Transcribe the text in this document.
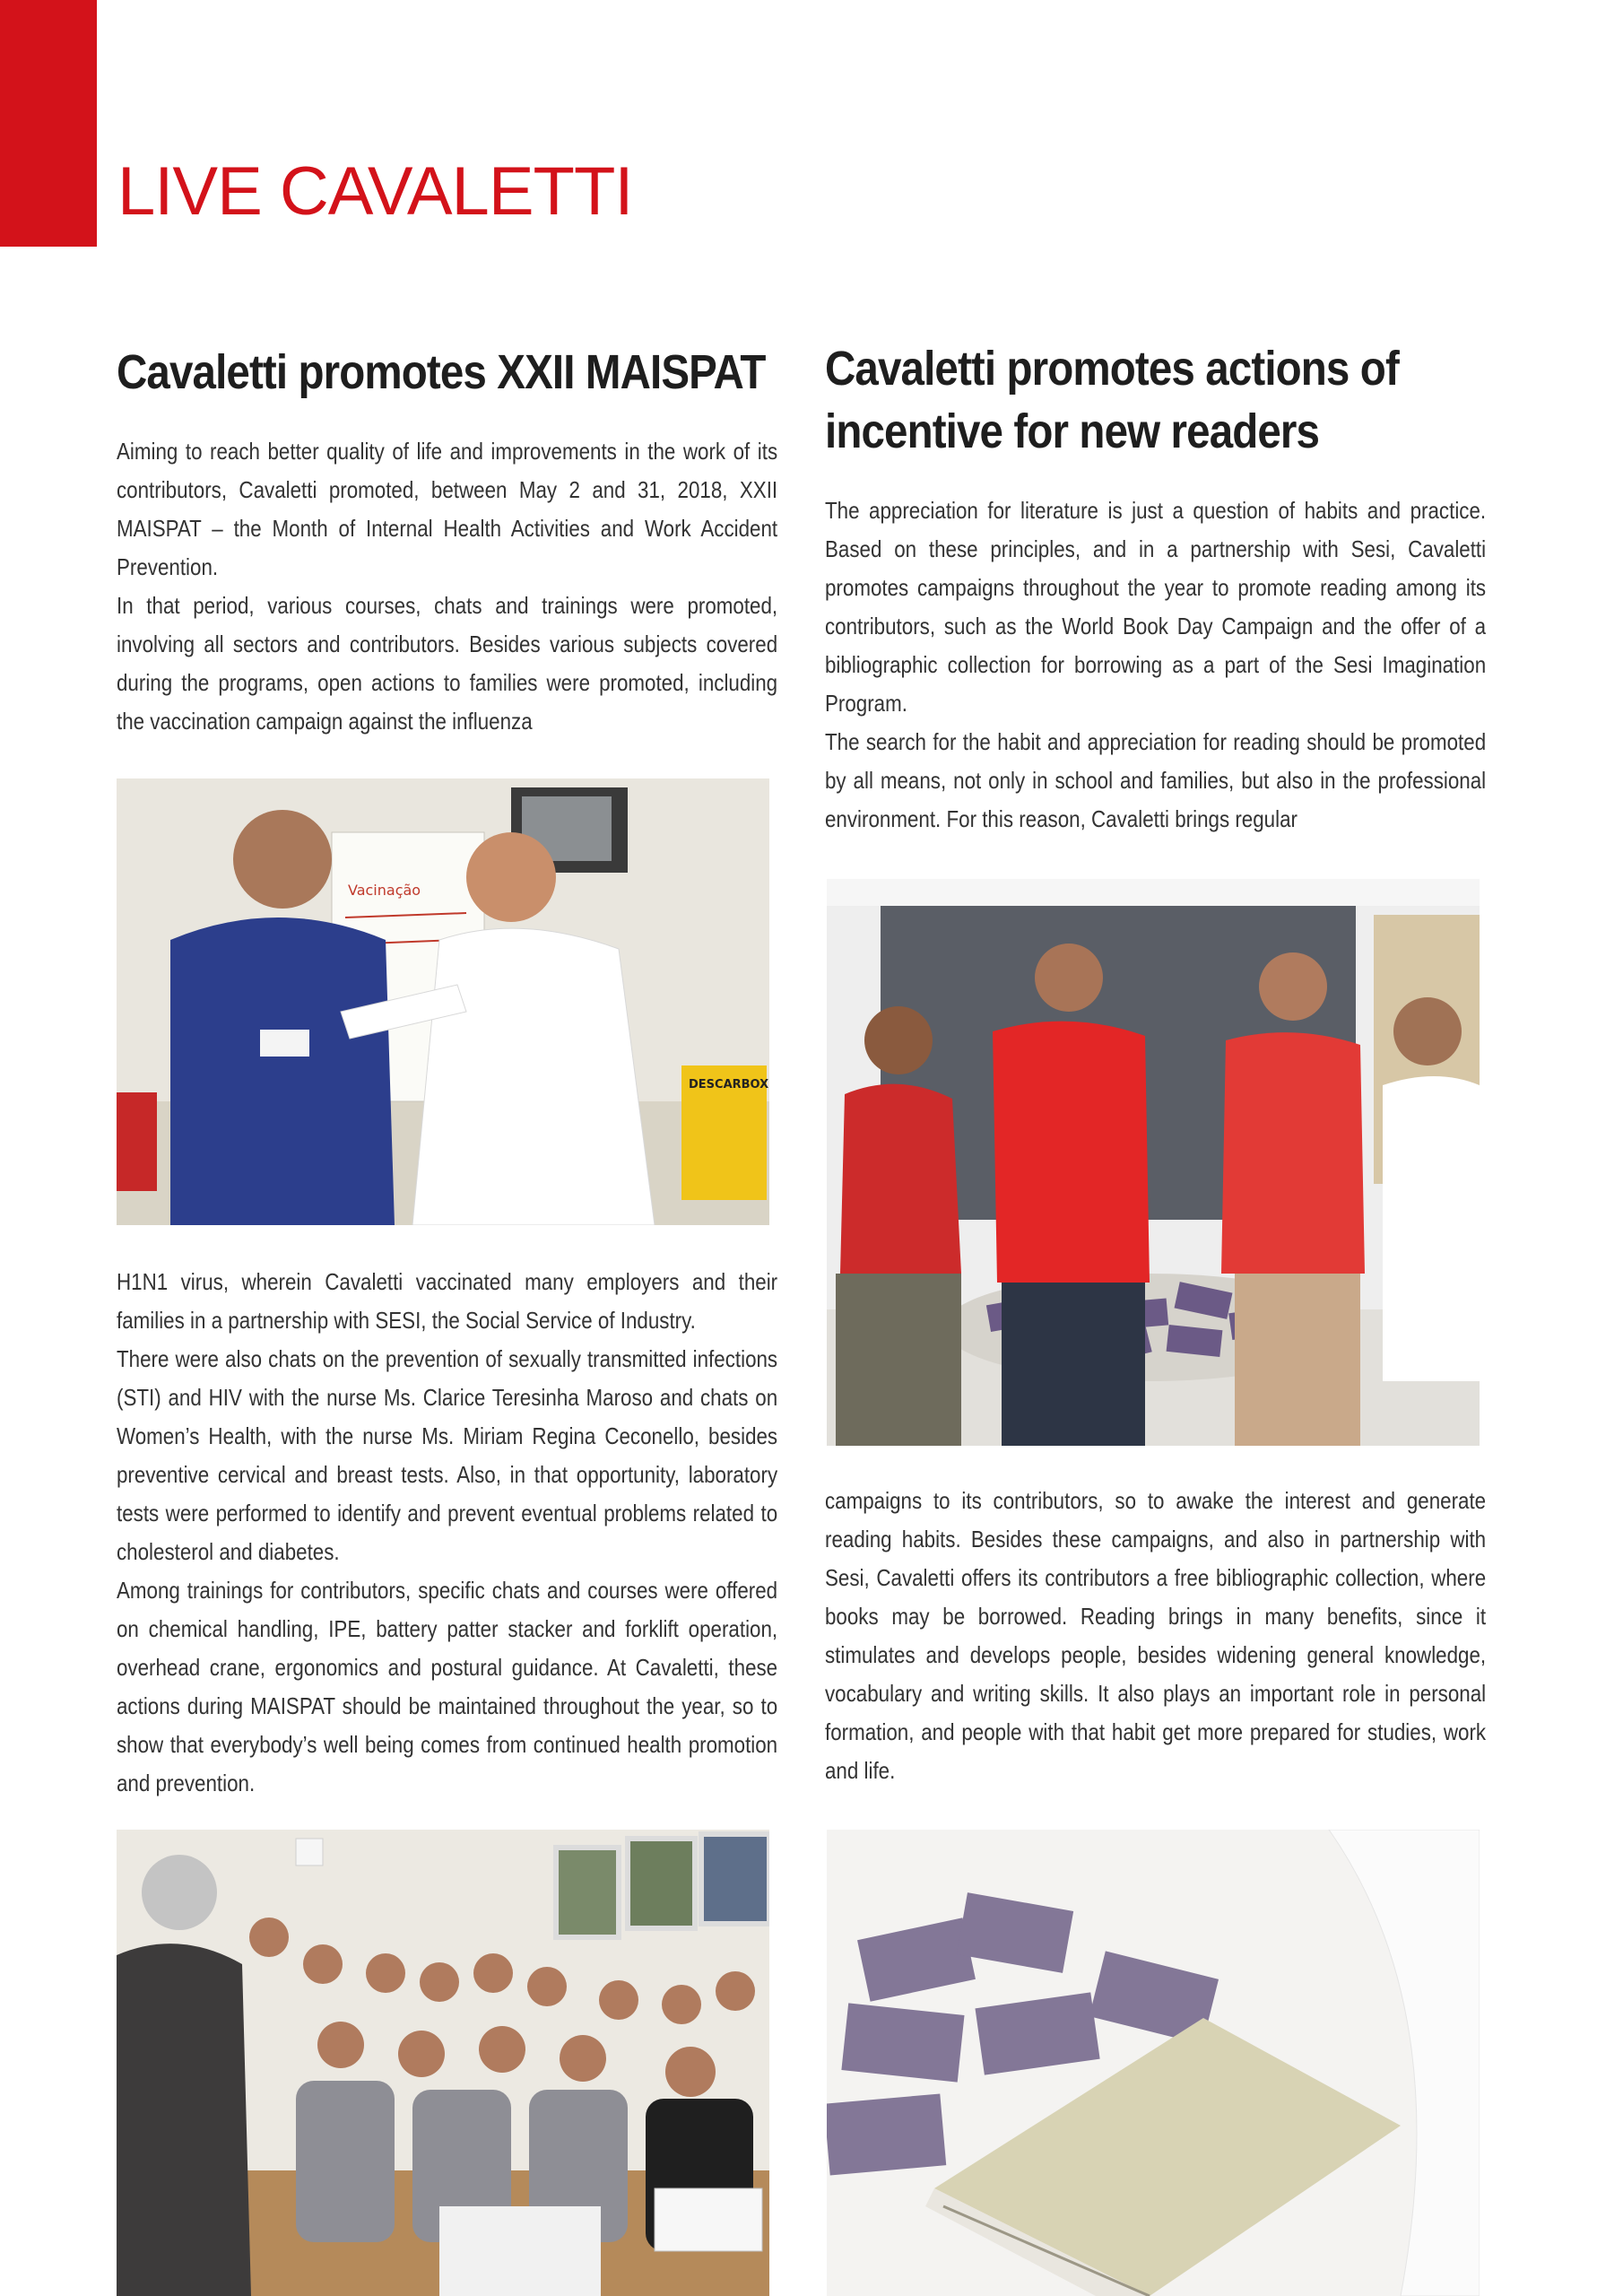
LIVE CAVALETTI
Cavaletti promotes XXII MAISPAT

Aiming to reach better quality of life and improvements in the work of its contributors, Cavaletti promoted, between May 2 and 31, 2018, XXII MAISPAT – the Month of Internal Health Activities and Work Accident Prevention.

In that period, various courses, chats and trainings were promoted, involving all sectors and contributors. Besides various subjects covered during the programs, open actions to families were promoted, including the vaccination campaign against the influenza

Vacinação
DESCARBOX

H1N1 virus, wherein Cavaletti vaccinated many employers and their families in a partnership with SESI, the Social Service of Industry.

There were also chats on the prevention of sexually transmitted infections (STI) and HIV with the nurse Ms. Clarice Teresinha Maroso and chats on Women’s Health, with the nurse Ms. Miriam Regina Ceconello, besides preventive cervical and breast tests. Also, in that opportunity, laboratory tests were performed to identify and prevent eventual problems related to cholesterol and diabetes.

Among trainings for contributors, specific chats and courses were offered on chemical handling, IPE, battery patter stacker and forklift operation, overhead crane, ergonomics and postural guidance. At Cavaletti, these actions during MAISPAT should be maintained throughout the year, so to show that everybody’s well being comes from continued health promotion and prevention.

Cavaletti promotes actions of
incentive for new readers

The appreciation for literature is just a question of habits and practice. Based on these principles, and in a partnership with Sesi, Cavaletti promotes campaigns throughout the year to promote reading among its contributors, such as the World Book Day Campaign and the offer of a bibliographic collection for borrowing as a part of the Sesi Imagination Program.

The search for the habit and appreciation for reading should be promoted by all means, not only in school and families, but also in the professional environment. For this reason, Cavaletti brings regular

campaigns to its contributors, so to awake the interest and generate reading habits. Besides these campaigns, and also in partnership with Sesi, Cavaletti offers its contributors a free bibliographic collection, where books may be borrowed. Reading brings in many benefits, since it stimulates and develops people, besides widening general knowledge, vocabulary and writing skills. It also plays an important role in personal formation, and people with that habit get more prepared for studies, work and life.
